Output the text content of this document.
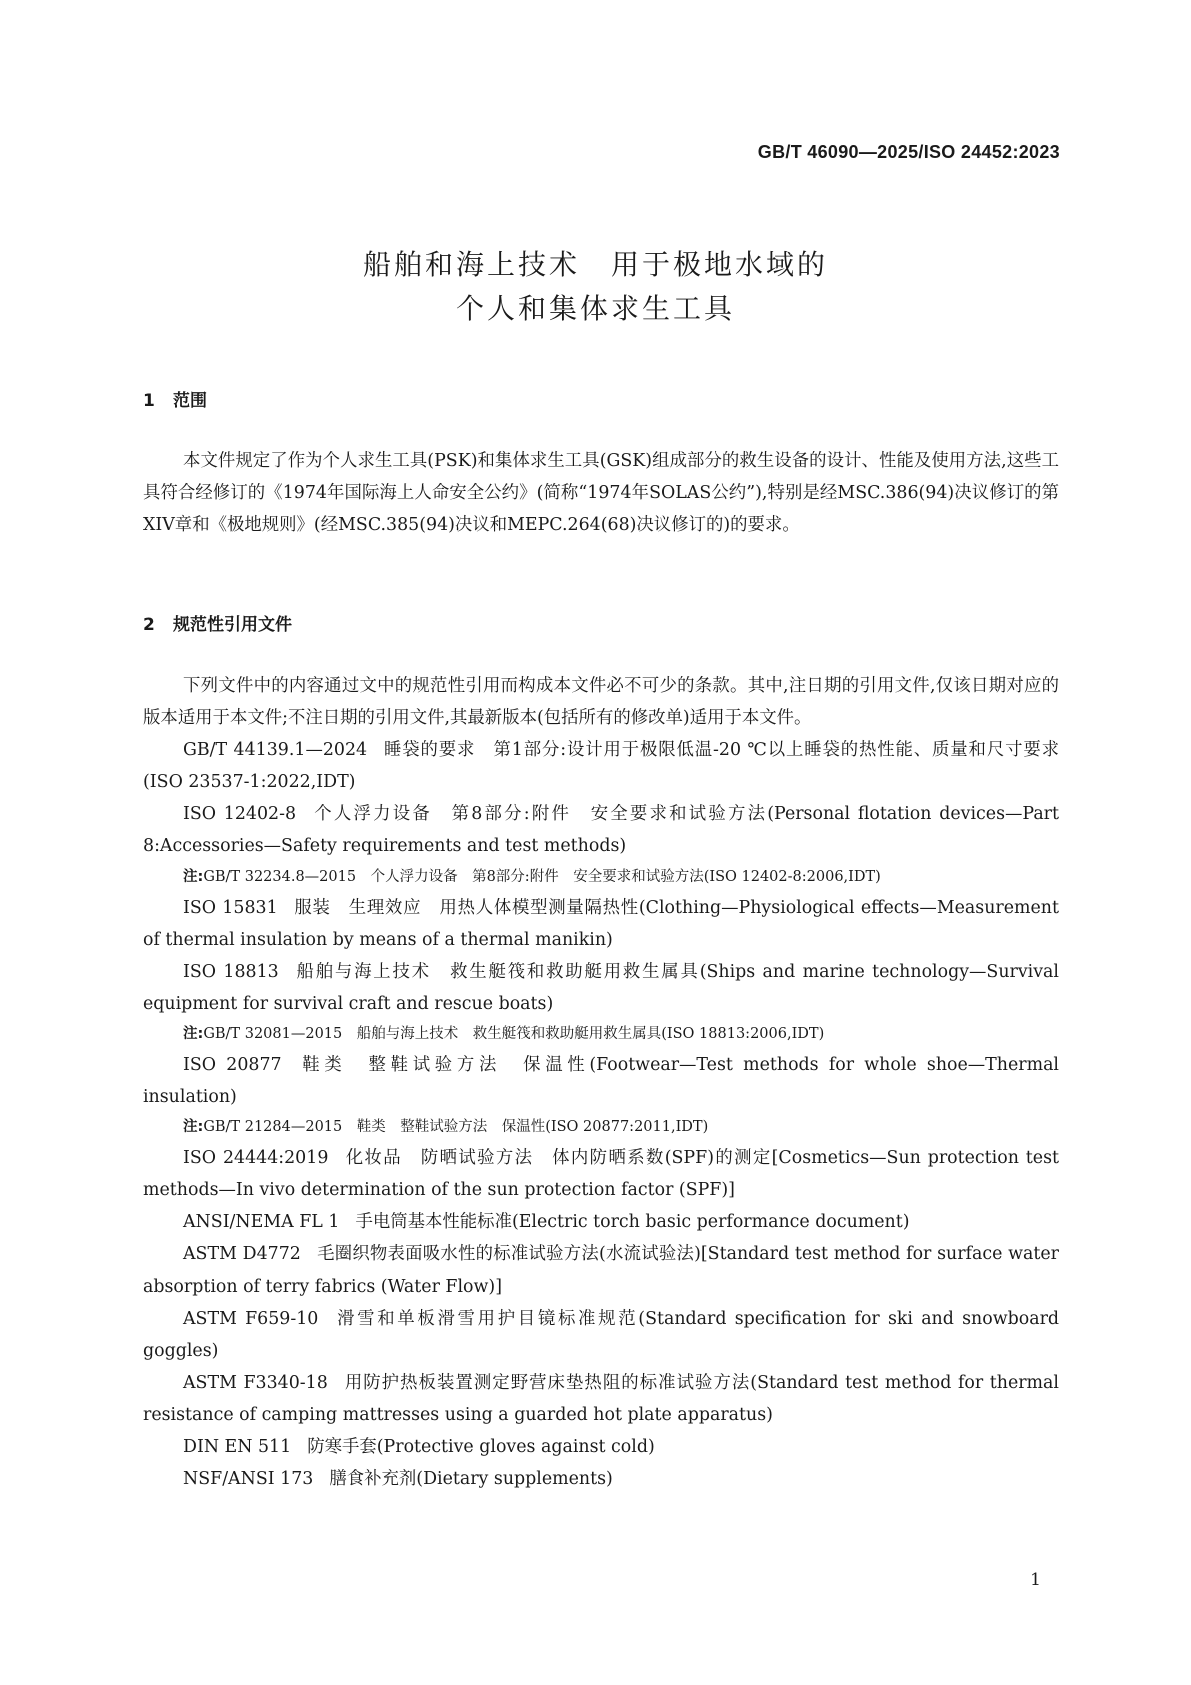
GB/T 46090—2025/ISO 24452:2023
船舶和海上技术　用于极地水域的
个人和集体求生工具
1 范围
本文件规定了作为个人求生工具(PSK)和集体求生工具(GSK)组成部分的救生设备的设计、性能及使用方法,这些工具符合经修订的《1974年国际海上人命安全公约》(简称“1974年SOLAS公约”),特别是经MSC.386(94)决议修订的第XIV章和《极地规则》(经MSC.385(94)决议和MEPC.264(68)决议修订的)的要求。
2 规范性引用文件

下列文件中的内容通过文中的规范性引用而构成本文件必不可少的条款。其中,注日期的引用文件,仅该日期对应的版本适用于本文件;不注日期的引用文件,其最新版本(包括所有的修改单)适用于本文件。

GB/T 44139.1—2024 睡袋的要求　第1部分:设计用于极限低温-20 ℃以上睡袋的热性能、质量和尺寸要求(ISO 23537-1:2022,IDT)

ISO 12402-8 个人浮力设备　第8部分:附件　安全要求和试验方法(Personal flotation devices—Part 8:Accessories—Safety requirements and test methods)

注:GB/T 32234.8—2015　个人浮力设备　第8部分:附件　安全要求和试验方法(ISO 12402-8:2006,IDT)

ISO 15831 服装　生理效应　用热人体模型测量隔热性(Clothing—Physiological effects—Measurement of thermal insulation by means of a thermal manikin)

ISO 18813 船舶与海上技术　救生艇筏和救助艇用救生属具(Ships and marine technology—Survival equipment for survival craft and rescue boats)

注:GB/T 32081—2015　船舶与海上技术　救生艇筏和救助艇用救生属具(ISO 18813:2006,IDT)

ISO 20877 鞋类　整鞋试验方法　保温性(Footwear—Test methods for whole shoe—Thermal insulation)

注:GB/T 21284—2015　鞋类　整鞋试验方法　保温性(ISO 20877:2011,IDT)

ISO 24444:2019 化妆品　防晒试验方法　体内防晒系数(SPF)的测定[Cosmetics—Sun protection test methods—In vivo determination of the sun protection factor (SPF)]

ANSI/NEMA FL 1 手电筒基本性能标准(Electric torch basic performance document)

ASTM D4772 毛圈织物表面吸水性的标准试验方法(水流试验法)[Standard test method for surface water absorption of terry fabrics (Water Flow)]

ASTM F659-10 滑雪和单板滑雪用护目镜标准规范(Standard specification for ski and snowboard goggles)

ASTM F3340-18 用防护热板装置测定野营床垫热阻的标准试验方法(Standard test method for thermal resistance of camping mattresses using a guarded hot plate apparatus)

DIN EN 511 防寒手套(Protective gloves against cold)

NSF/ANSI 173 膳食补充剂(Dietary supplements)

1
